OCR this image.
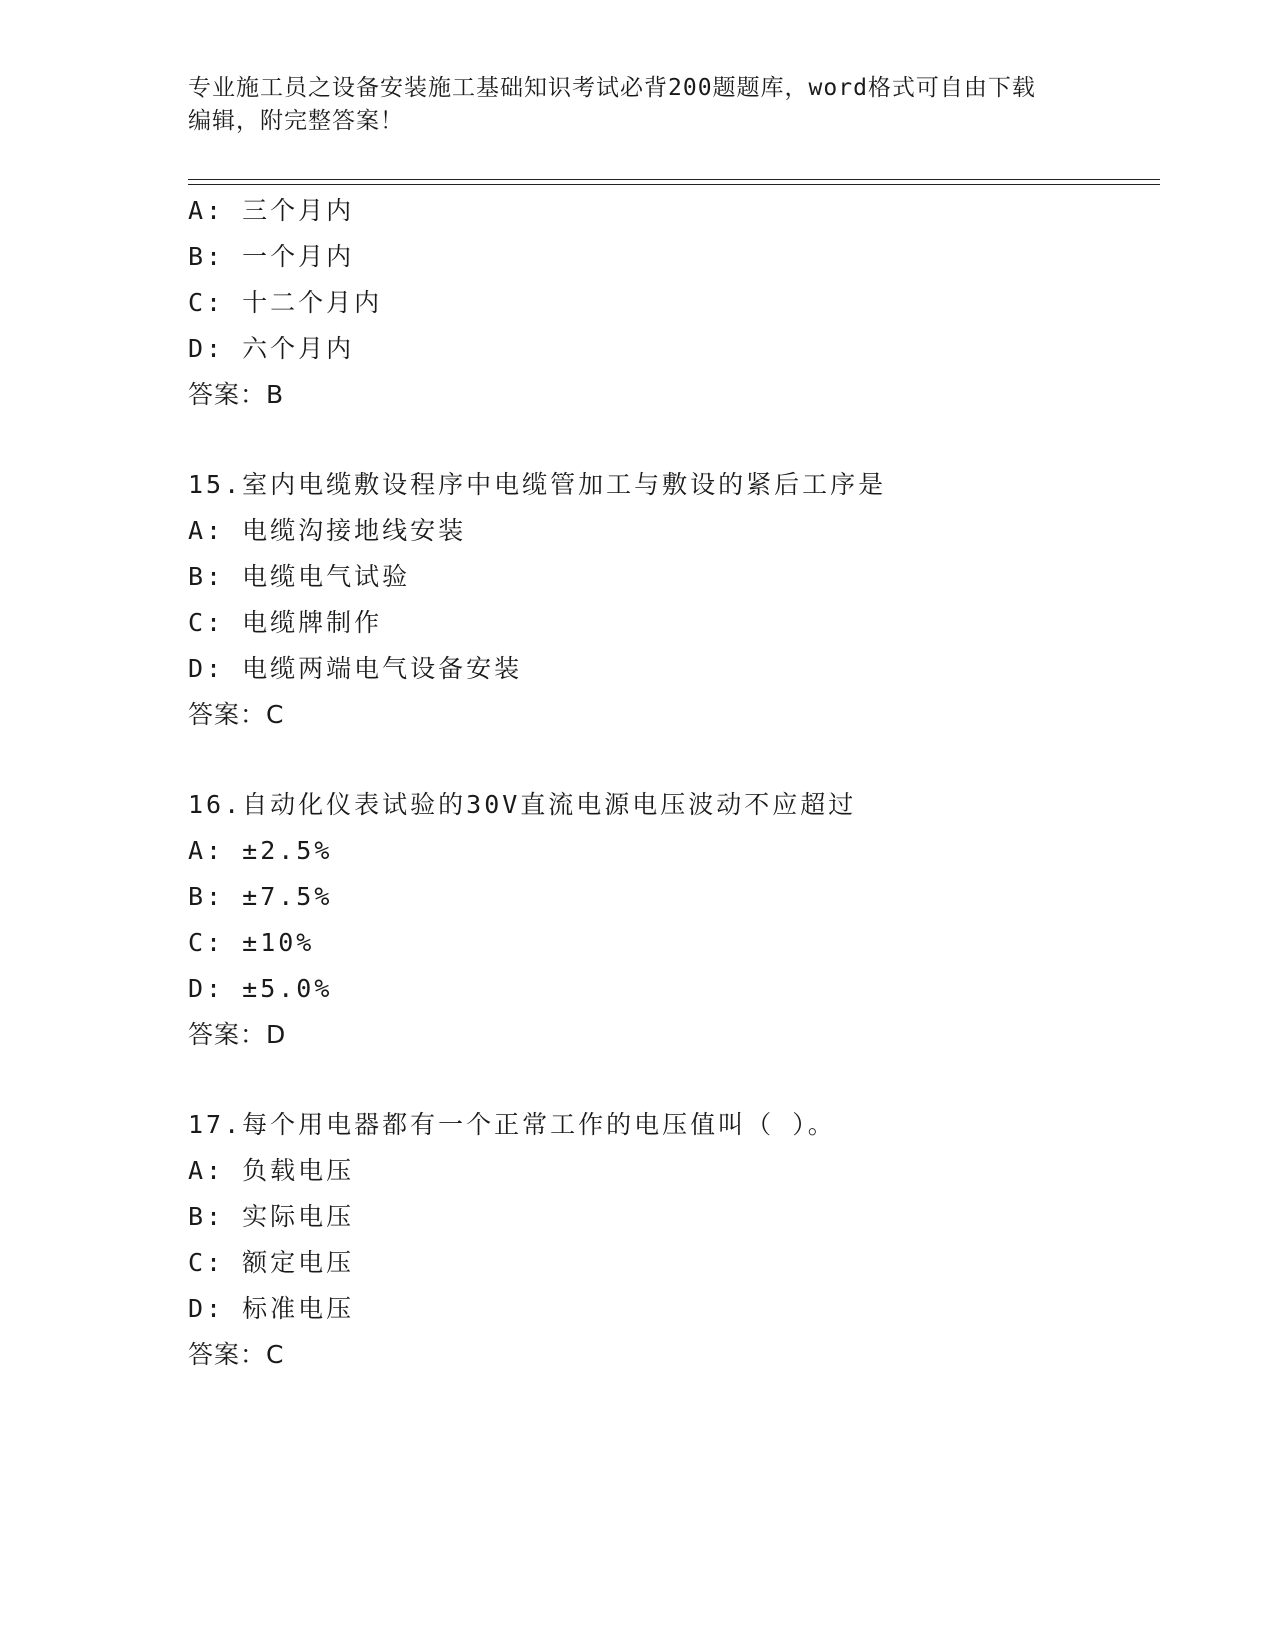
专业施工员之设备安装施工基础知识考试必背200题题库，word格式可自由下载
编辑，附完整答案！
A: 三个月内
B: 一个月内
C: 十二个月内
D: 六个月内
答案：B
15.室内电缆敷设程序中电缆管加工与敷设的紧后工序是
A: 电缆沟接地线安装
B: 电缆电气试验
C: 电缆牌制作
D: 电缆两端电气设备安装
答案：C
16.自动化仪表试验的30V直流电源电压波动不应超过
A: ±2.5%
B: ±7.5%
C: ±10%
D: ±5.0%
答案：D
17.每个用电器都有一个正常工作的电压值叫（ ）。
A: 负载电压
B: 实际电压
C: 额定电压
D: 标准电压
答案：C
